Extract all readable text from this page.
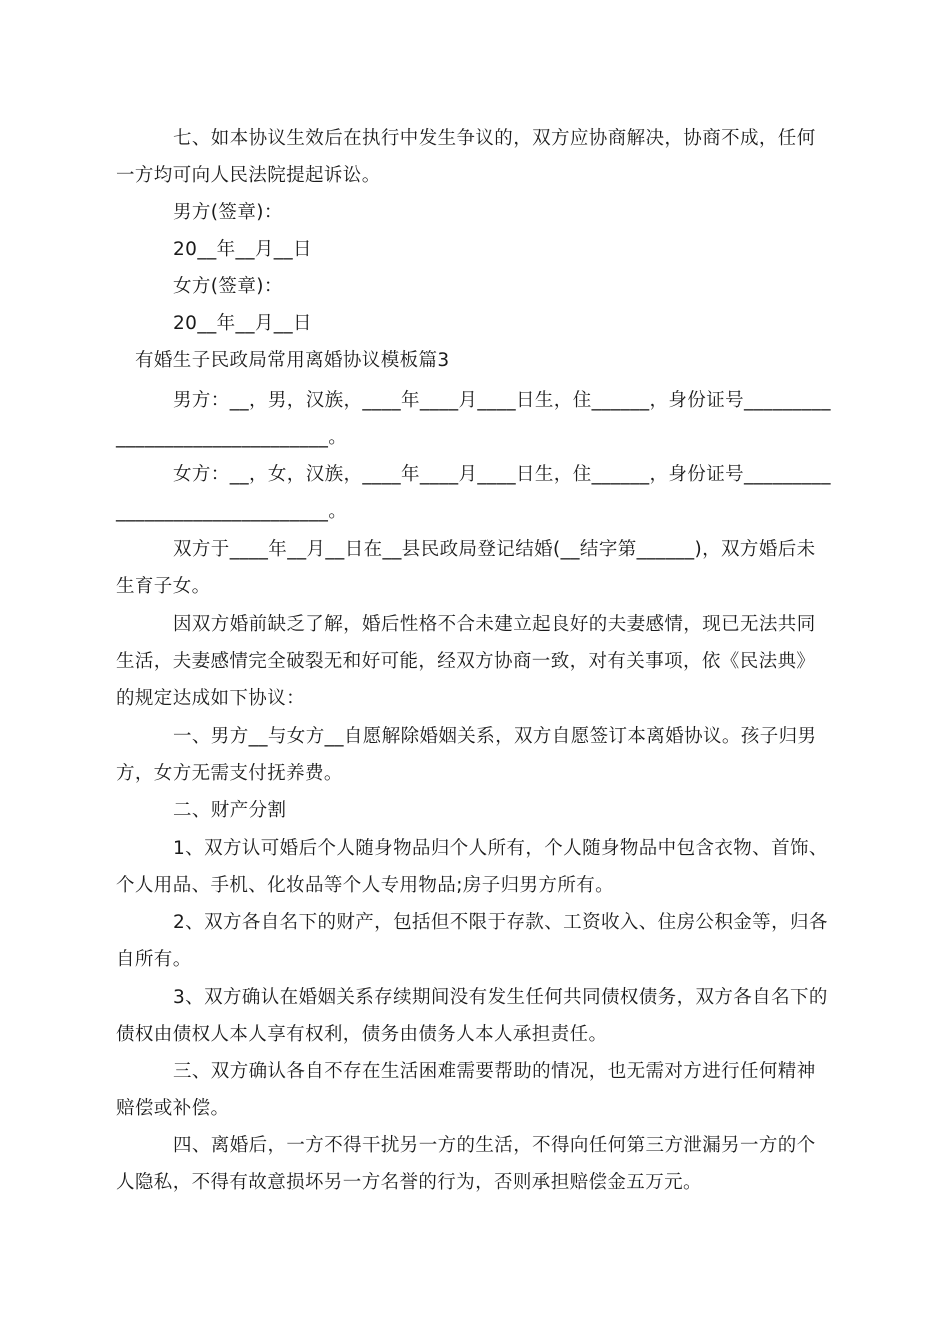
七、如本协议生效后在执行中发生争议的，双方应协商解决，协商不成，任何
一方均可向人民法院提起诉讼。
男方(签章)：
20__年__月__日
女方(签章)：
20__年__月__日
有婚生子民政局常用离婚协议模板篇3
男方：__，男，汉族，____年____月____日生，住______，身份证号_________
______________________。
女方：__，女，汉族，____年____月____日生，住______，身份证号_________
______________________。
双方于____年__月__日在__县民政局登记结婚(__结字第______)，双方婚后未
生育子女。
因双方婚前缺乏了解，婚后性格不合未建立起良好的夫妻感情，现已无法共同
生活，夫妻感情完全破裂无和好可能，经双方协商一致，对有关事项，依《民法典》
的规定达成如下协议：
一、男方__与女方__自愿解除婚姻关系，双方自愿签订本离婚协议。孩子归男
方，女方无需支付抚养费。
二、财产分割
1、双方认可婚后个人随身物品归个人所有，个人随身物品中包含衣物、首饰、
个人用品、手机、化妆品等个人专用物品;房子归男方所有。
2、双方各自名下的财产，包括但不限于存款、工资收入、住房公积金等，归各
自所有。
3、双方确认在婚姻关系存续期间没有发生任何共同债权债务，双方各自名下的
债权由债权人本人享有权利，债务由债务人本人承担责任。
三、双方确认各自不存在生活困难需要帮助的情况，也无需对方进行任何精神
赔偿或补偿。
四、离婚后，一方不得干扰另一方的生活，不得向任何第三方泄漏另一方的个
人隐私，不得有故意损坏另一方名誉的行为，否则承担赔偿金五万元。
